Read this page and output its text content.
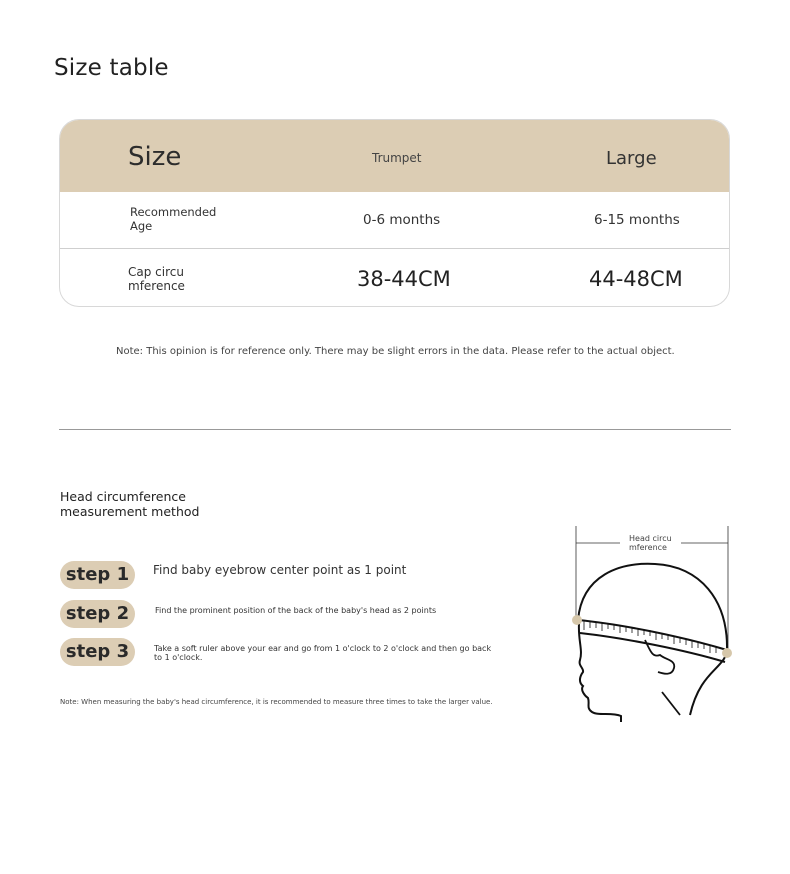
Size table
Size	Trumpet	Large
Recommended
Age	0-6 months	6-15 months
Cap circu
mference	38-44CM	44-48CM
Note: This opinion is for reference only. There may be slight errors in the data. Please refer to the actual object.
Head circumference
measurement method
step 1	Find baby eyebrow center point as 1 point
step 2	Find the prominent position of the back of the baby's head as 2 points
step 3	Take a soft ruler above your ear and go from 1 o'clock to 2 o'clock and then go back to 1 o'clock.
Note: When measuring the baby's head circumference, it is recommended to measure three times to take the larger value.
Head circu
mference
